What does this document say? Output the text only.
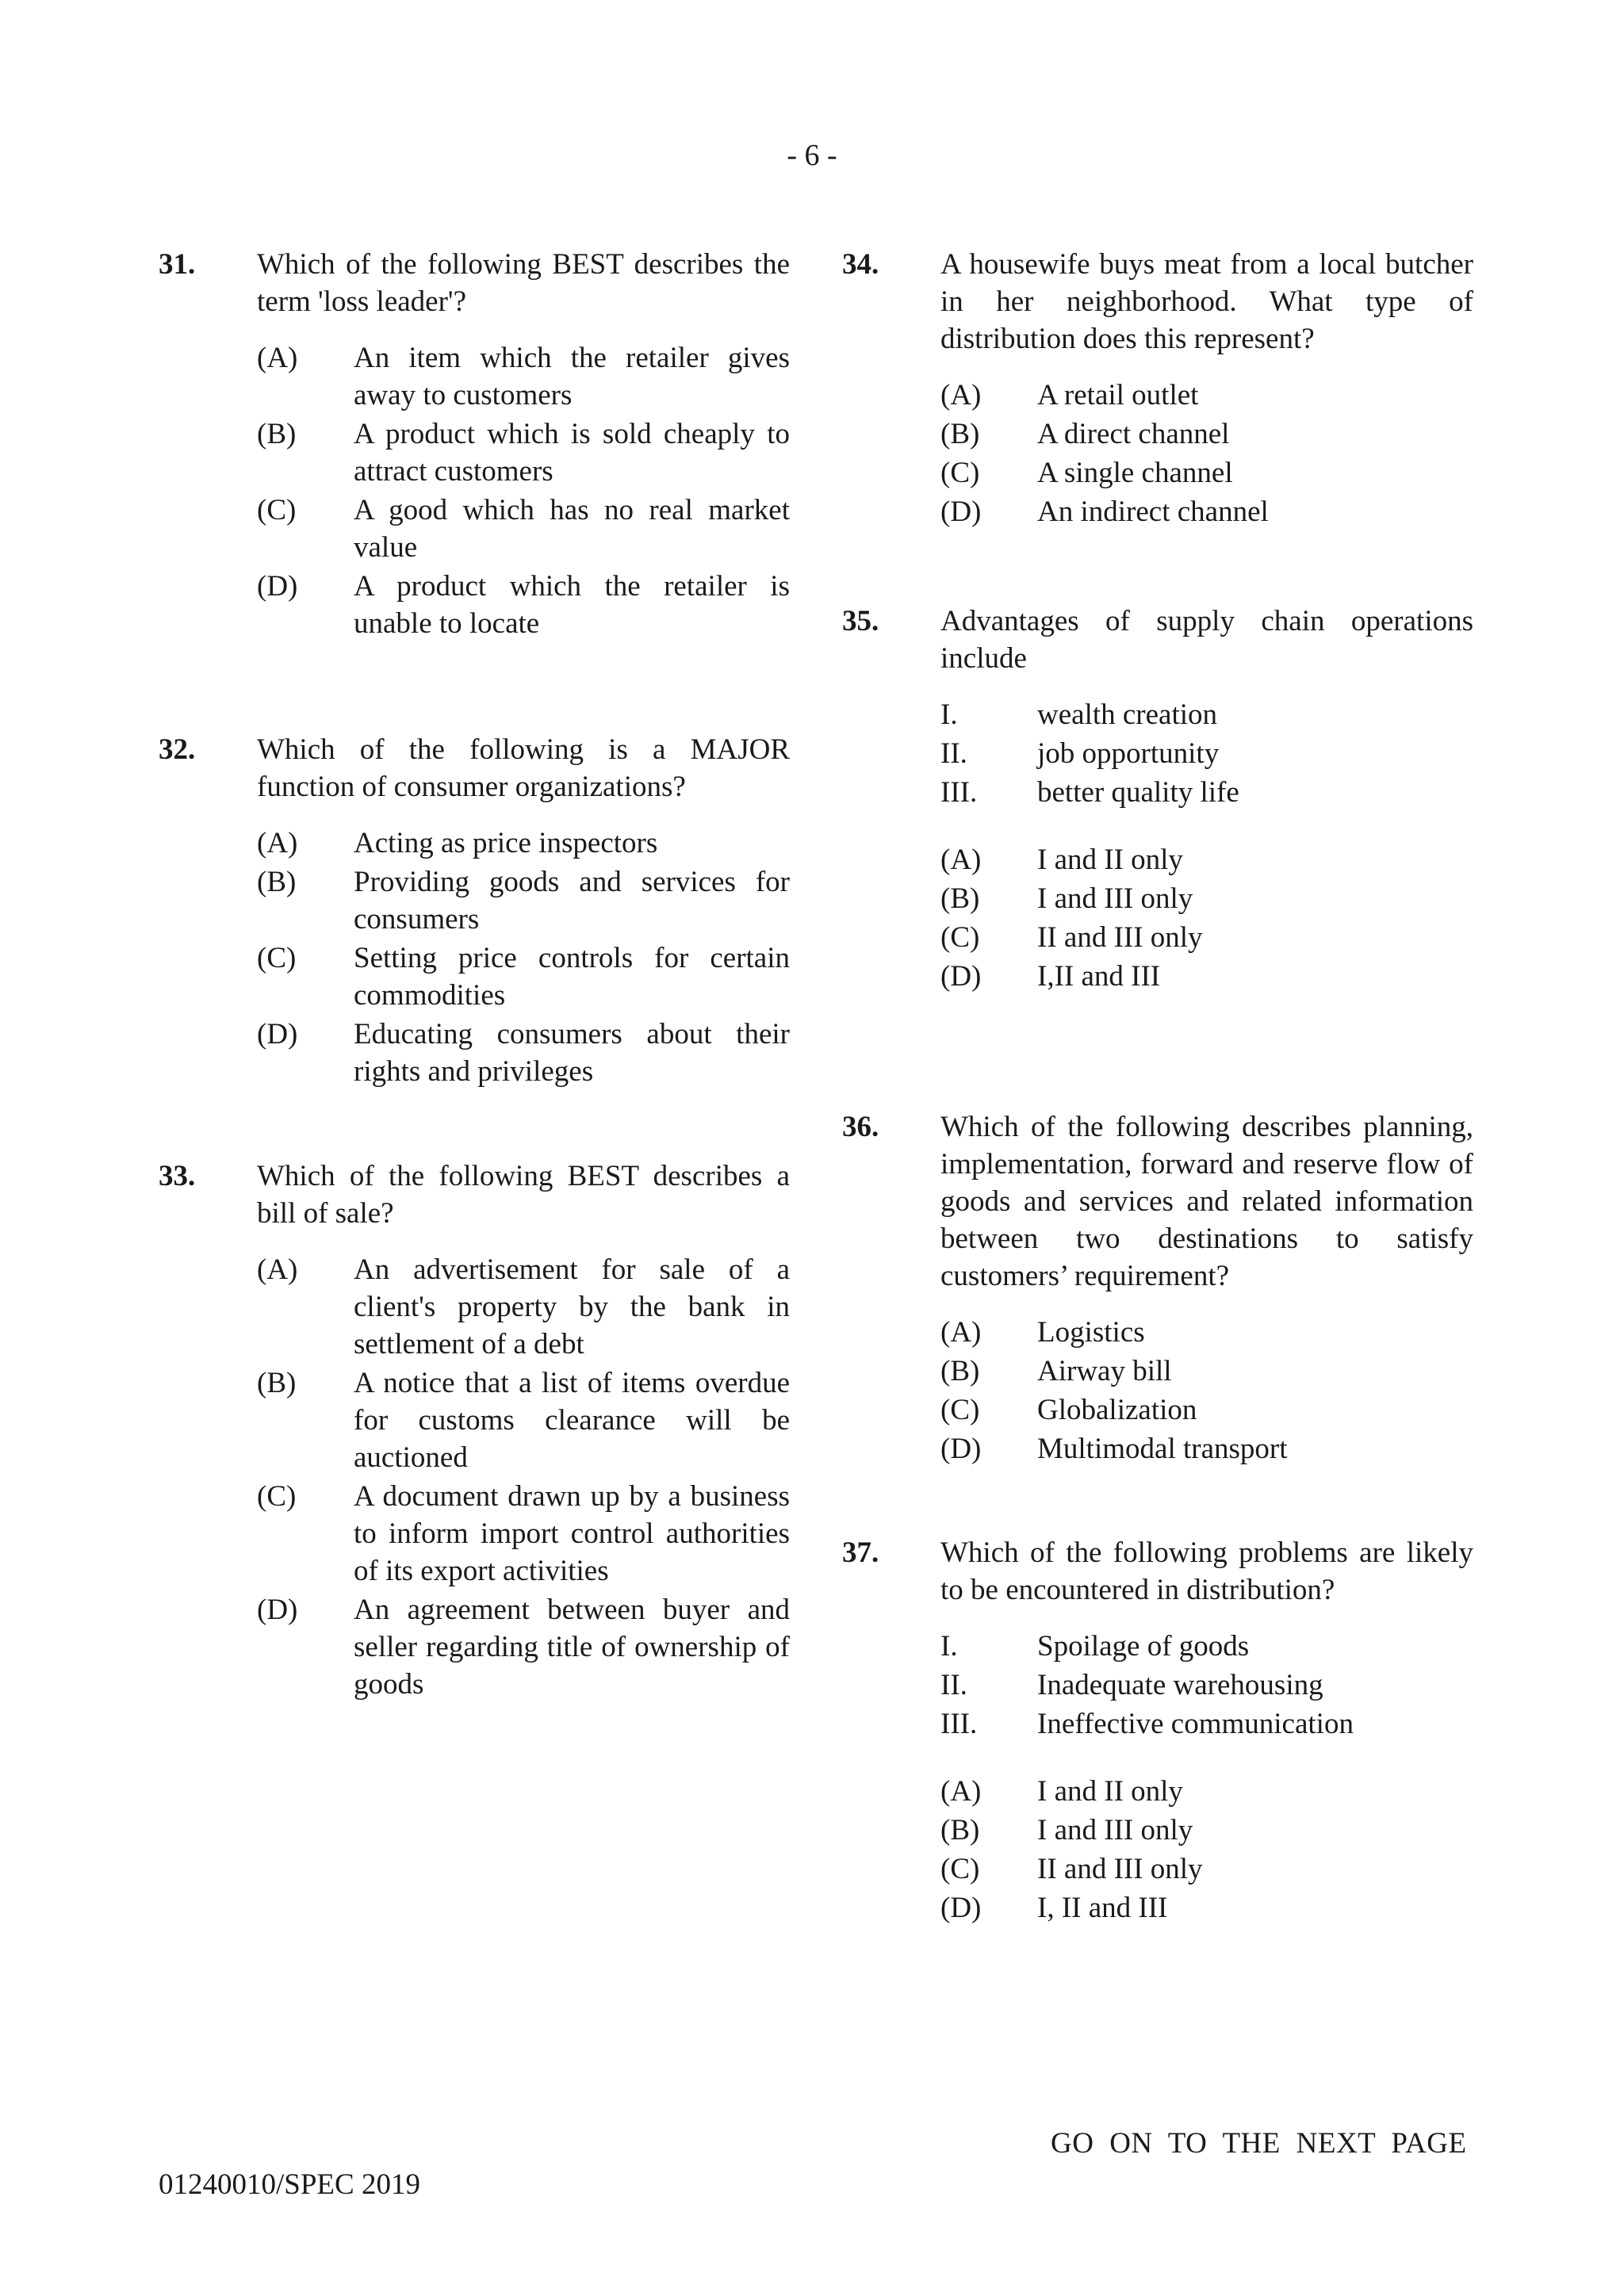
- 6 -
31.	Which of the following BEST describes the term 'loss leader'?
(A)	An item which the retailer gives away to customers
(B)	A product which is sold cheaply to attract customers
(C)	A good which has no real market value
(D)	A product which the retailer is unable to locate
32.	Which of the following is a MAJOR function of consumer organizations?
(A)	Acting as price inspectors
(B)	Providing goods and services for consumers
(C)	Setting price controls for certain commodities
(D)	Educating consumers about their rights and privileges
33.	Which of the following BEST describes a bill of sale?
(A)	An advertisement for sale of a client's property by the bank in settlement of a debt
(B)	A notice that a list of items overdue for customs clearance will be auctioned
(C)	A document drawn up by a business to inform import control authorities of its export activities
(D)	An agreement between buyer and seller regarding title of ownership of goods
34.	A housewife buys meat from a local butcher in her neighborhood. What type of distribution does this represent?
(A)	A retail outlet
(B)	A direct channel
(C)	A single channel
(D)	An indirect channel
35.	Advantages of supply chain operations include
I.	wealth creation
II.	job opportunity
III.	better quality life
(A)	I and II only
(B)	I and III only
(C)	II and III only
(D)	I,II and III
36.	Which of the following describes planning, implementation, forward and reserve flow of goods and services and related information between two destinations to satisfy customers’ requirement?
(A)	Logistics
(B)	Airway bill
(C)	Globalization
(D)	Multimodal transport
37.	Which of the following problems are likely to be encountered in distribution?
I.	Spoilage of goods
II.	Inadequate warehousing
III.	Ineffective communication
(A)	I and II only
(B)	I and III only
(C)	II and III only
(D)	I, II and III
GO ON TO THE NEXT PAGE
01240010/SPEC 2019
